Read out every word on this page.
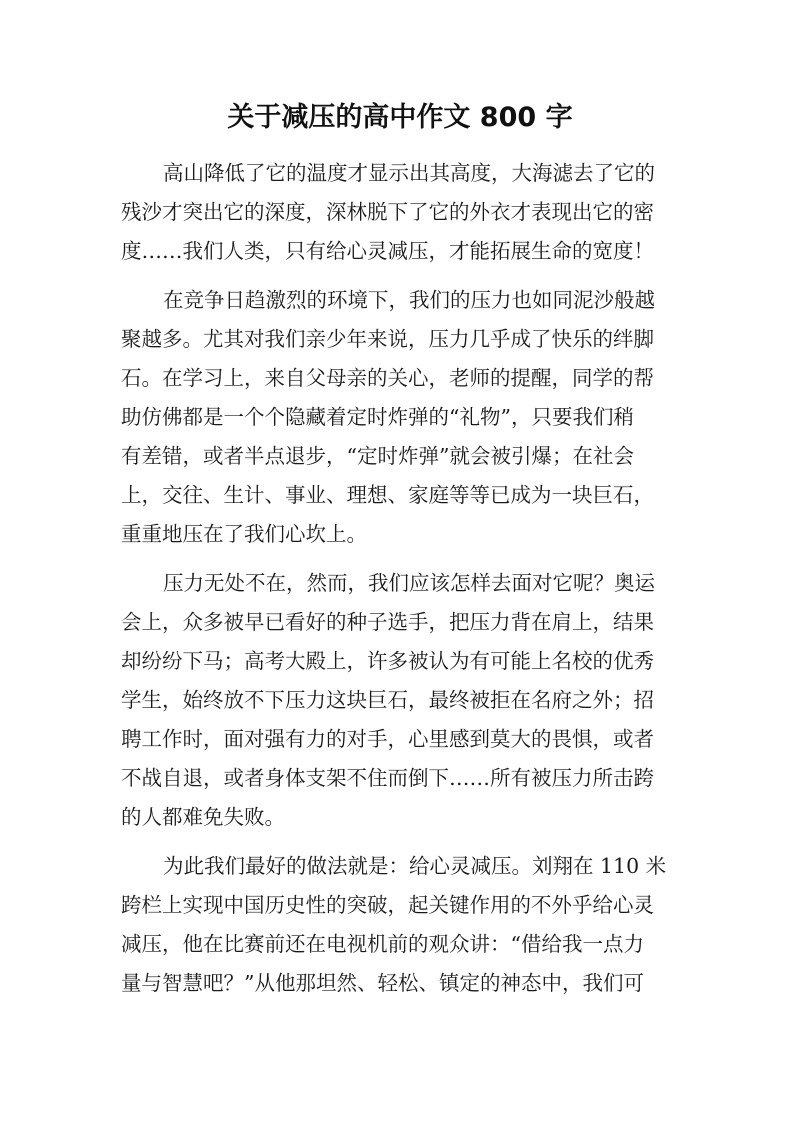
关于减压的高中作文 800 字

高山降低了它的温度才显示出其高度，大海滤去了它的
残沙才突出它的深度，深林脱下了它的外衣才表现出它的密
度……我们人类，只有给心灵减压，才能拓展生命的宽度！

在竞争日趋激烈的环境下，我们的压力也如同泥沙般越
聚越多。尤其对我们亲少年来说，压力几乎成了快乐的绊脚
石。在学习上，来自父母亲的关心，老师的提醒，同学的帮
助仿佛都是一个个隐藏着定时炸弹的“礼物”，只要我们稍
有差错，或者半点退步，“定时炸弹”就会被引爆；在社会
上，交往、生计、事业、理想、家庭等等已成为一块巨石，
重重地压在了我们心坎上。

压力无处不在，然而，我们应该怎样去面对它呢？奥运
会上，众多被早已看好的种子选手，把压力背在肩上，结果
却纷纷下马；高考大殿上，许多被认为有可能上名校的优秀
学生，始终放不下压力这块巨石，最终被拒在名府之外；招
聘工作时，面对强有力的对手，心里感到莫大的畏惧，或者
不战自退，或者身体支架不住而倒下……所有被压力所击跨
的人都难免失败。

为此我们最好的做法就是：给心灵减压。刘翔在 110 米
跨栏上实现中国历史性的突破，起关键作用的不外乎给心灵
减压，他在比赛前还在电视机前的观众讲：“借给我一点力
量与智慧吧？”从他那坦然、轻松、镇定的神态中，我们可
